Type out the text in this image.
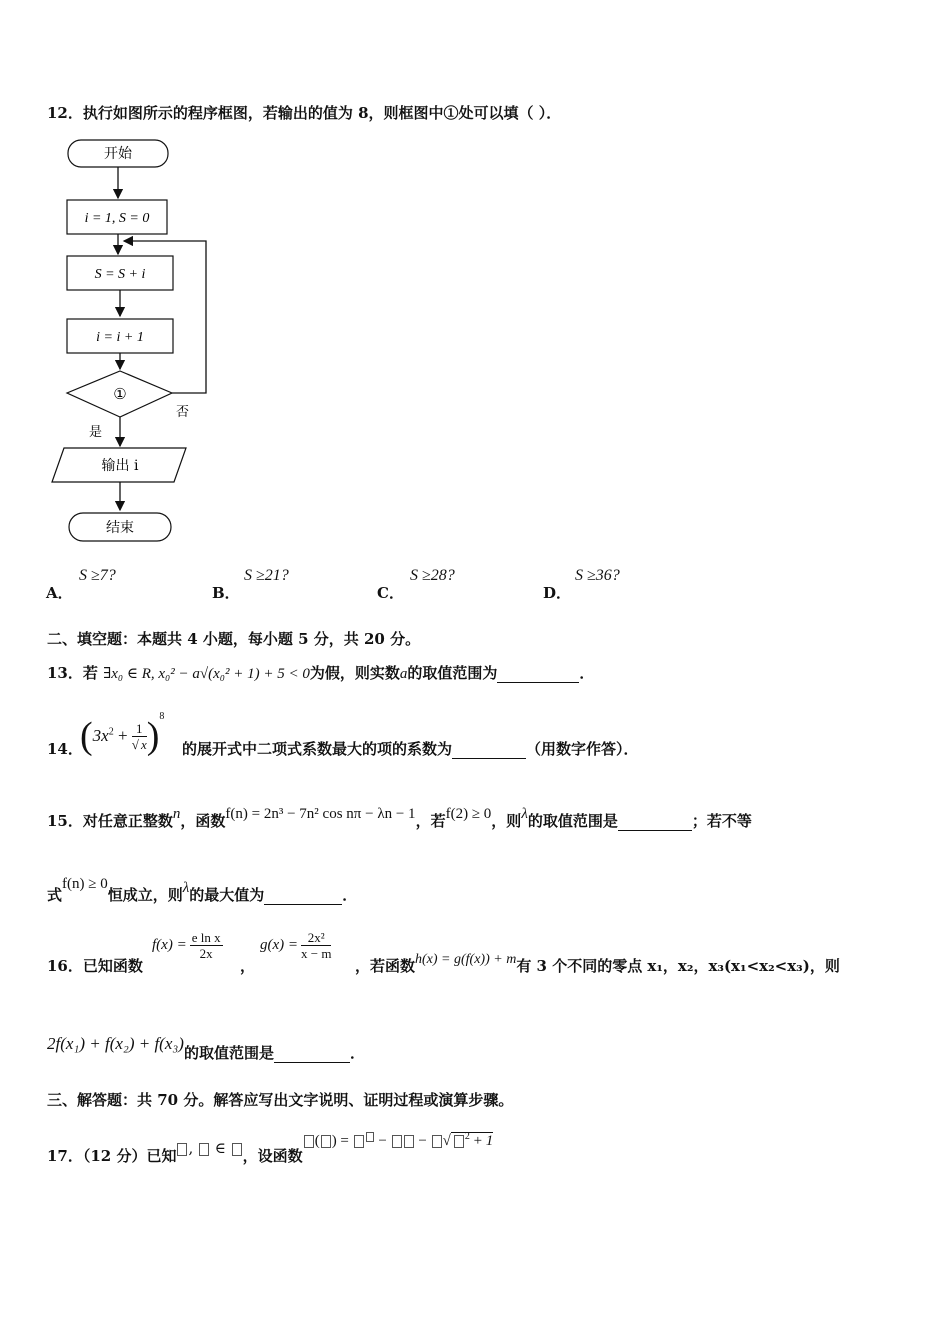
12．执行如图所示的程序框图，若输出的值为 8，则框图中①处可以填（ ）．
开始
i = 1, S = 0
S = S + i
i = i + 1
①
否
是
输出 i
结束
A．
S ≥7?
B．
S ≥21?
C．
S ≥28?
D．
S ≥36?
二、填空题：本题共 4 小题，每小题 5 分，共 20 分。
13．若 ∃x₀ ∈ R, x₀² − a√(x₀² + 1) + 5 < 0为假，则实数a的取值范围为	．
14．
$(3x^2 + \frac{1}{√ x} )^8$
的展开式中二项式系数最大的项的系数为	（用数字作答）．
15．对任意正整数n，函数f(n) = 2n³ − 7n² cos nπ − λn − 1，若f(2) ≥ 0，则λ的取值范围是	；若不等
式f(n) ≥ 0恒成立，则λ的最大值为	．
16．已知函数
$f(x) = \frac{\text{e ln x}}{2x}$
，
$g(x) = \frac{\text{2x²}}{x - m}$
，若函数h(x) = g(f(x)) + m有 3 个不同的零点 x₁，x₂，x₃(x₁<x₂<x₃)，则
2f(x₁) + f(x₂) + f(x₃)的取值范围是	．
三、解答题：共 70 分。解答应写出文字说明、证明过程或演算步骤。
17．（12 分）已知 ,  ∈ ，设函数( ) =  −  − √ $^2$ + 1
